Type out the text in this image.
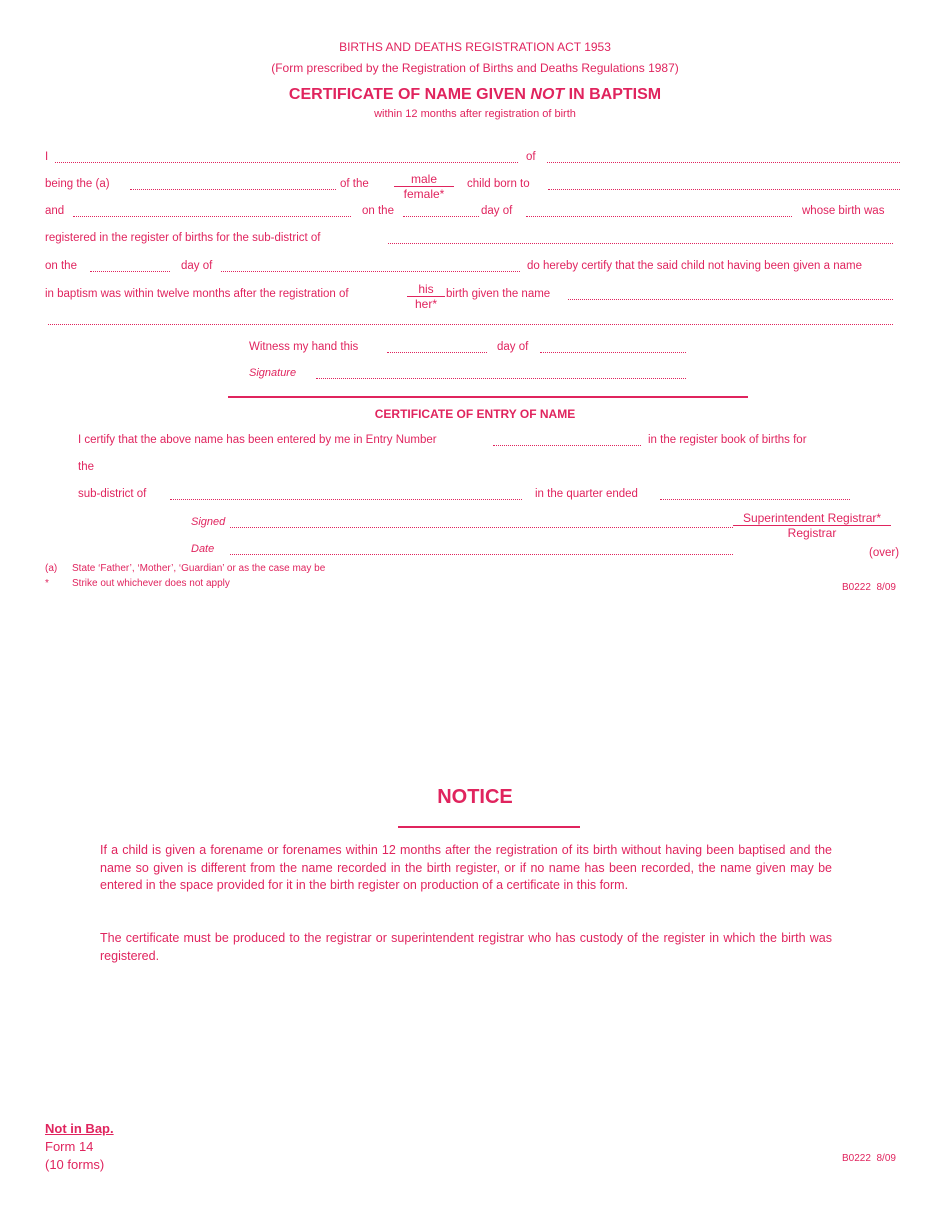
BIRTHS AND DEATHS REGISTRATION ACT 1953
(Form prescribed by the Registration of Births and Deaths Regulations 1987)
CERTIFICATE OF NAME GIVEN NOT IN BAPTISM
within 12 months after registration of birth
I	of
being the (a)	of the	male
female*
child born to
and	on the	day of	whose birth was
registered in the register of births for the sub-district of
on the	day of	do hereby certify that the said child not having been given a name
in baptism was within twelve months after the registration of	his
her*
birth given the name
Witness my hand this	day of
Signature
CERTIFICATE OF ENTRY OF NAME
I certify that the above name has been entered by me in Entry Number	in the register book of births for
the
sub-district of	in the quarter ended
Signed	Superintendent Registrar*
Registrar
Date	(over)
(a) State ‘Father’, ‘Mother’, ‘Guardian’ or as the case may be
* Strike out whichever does not apply	B0222  8/09
NOTICE
If a child is given a forename or forenames within 12 months after the registration of its birth without having been baptised and the name so given is different from the name recorded in the birth register, or if no name has been recorded, the name given may be entered in the space provided for it in the birth register on production of a certificate in this form.
The certificate must be produced to the registrar or superintendent registrar who has custody of the register in which the birth was registered.
Not in Bap.
Form 14
(10 forms)	B0222  8/09
